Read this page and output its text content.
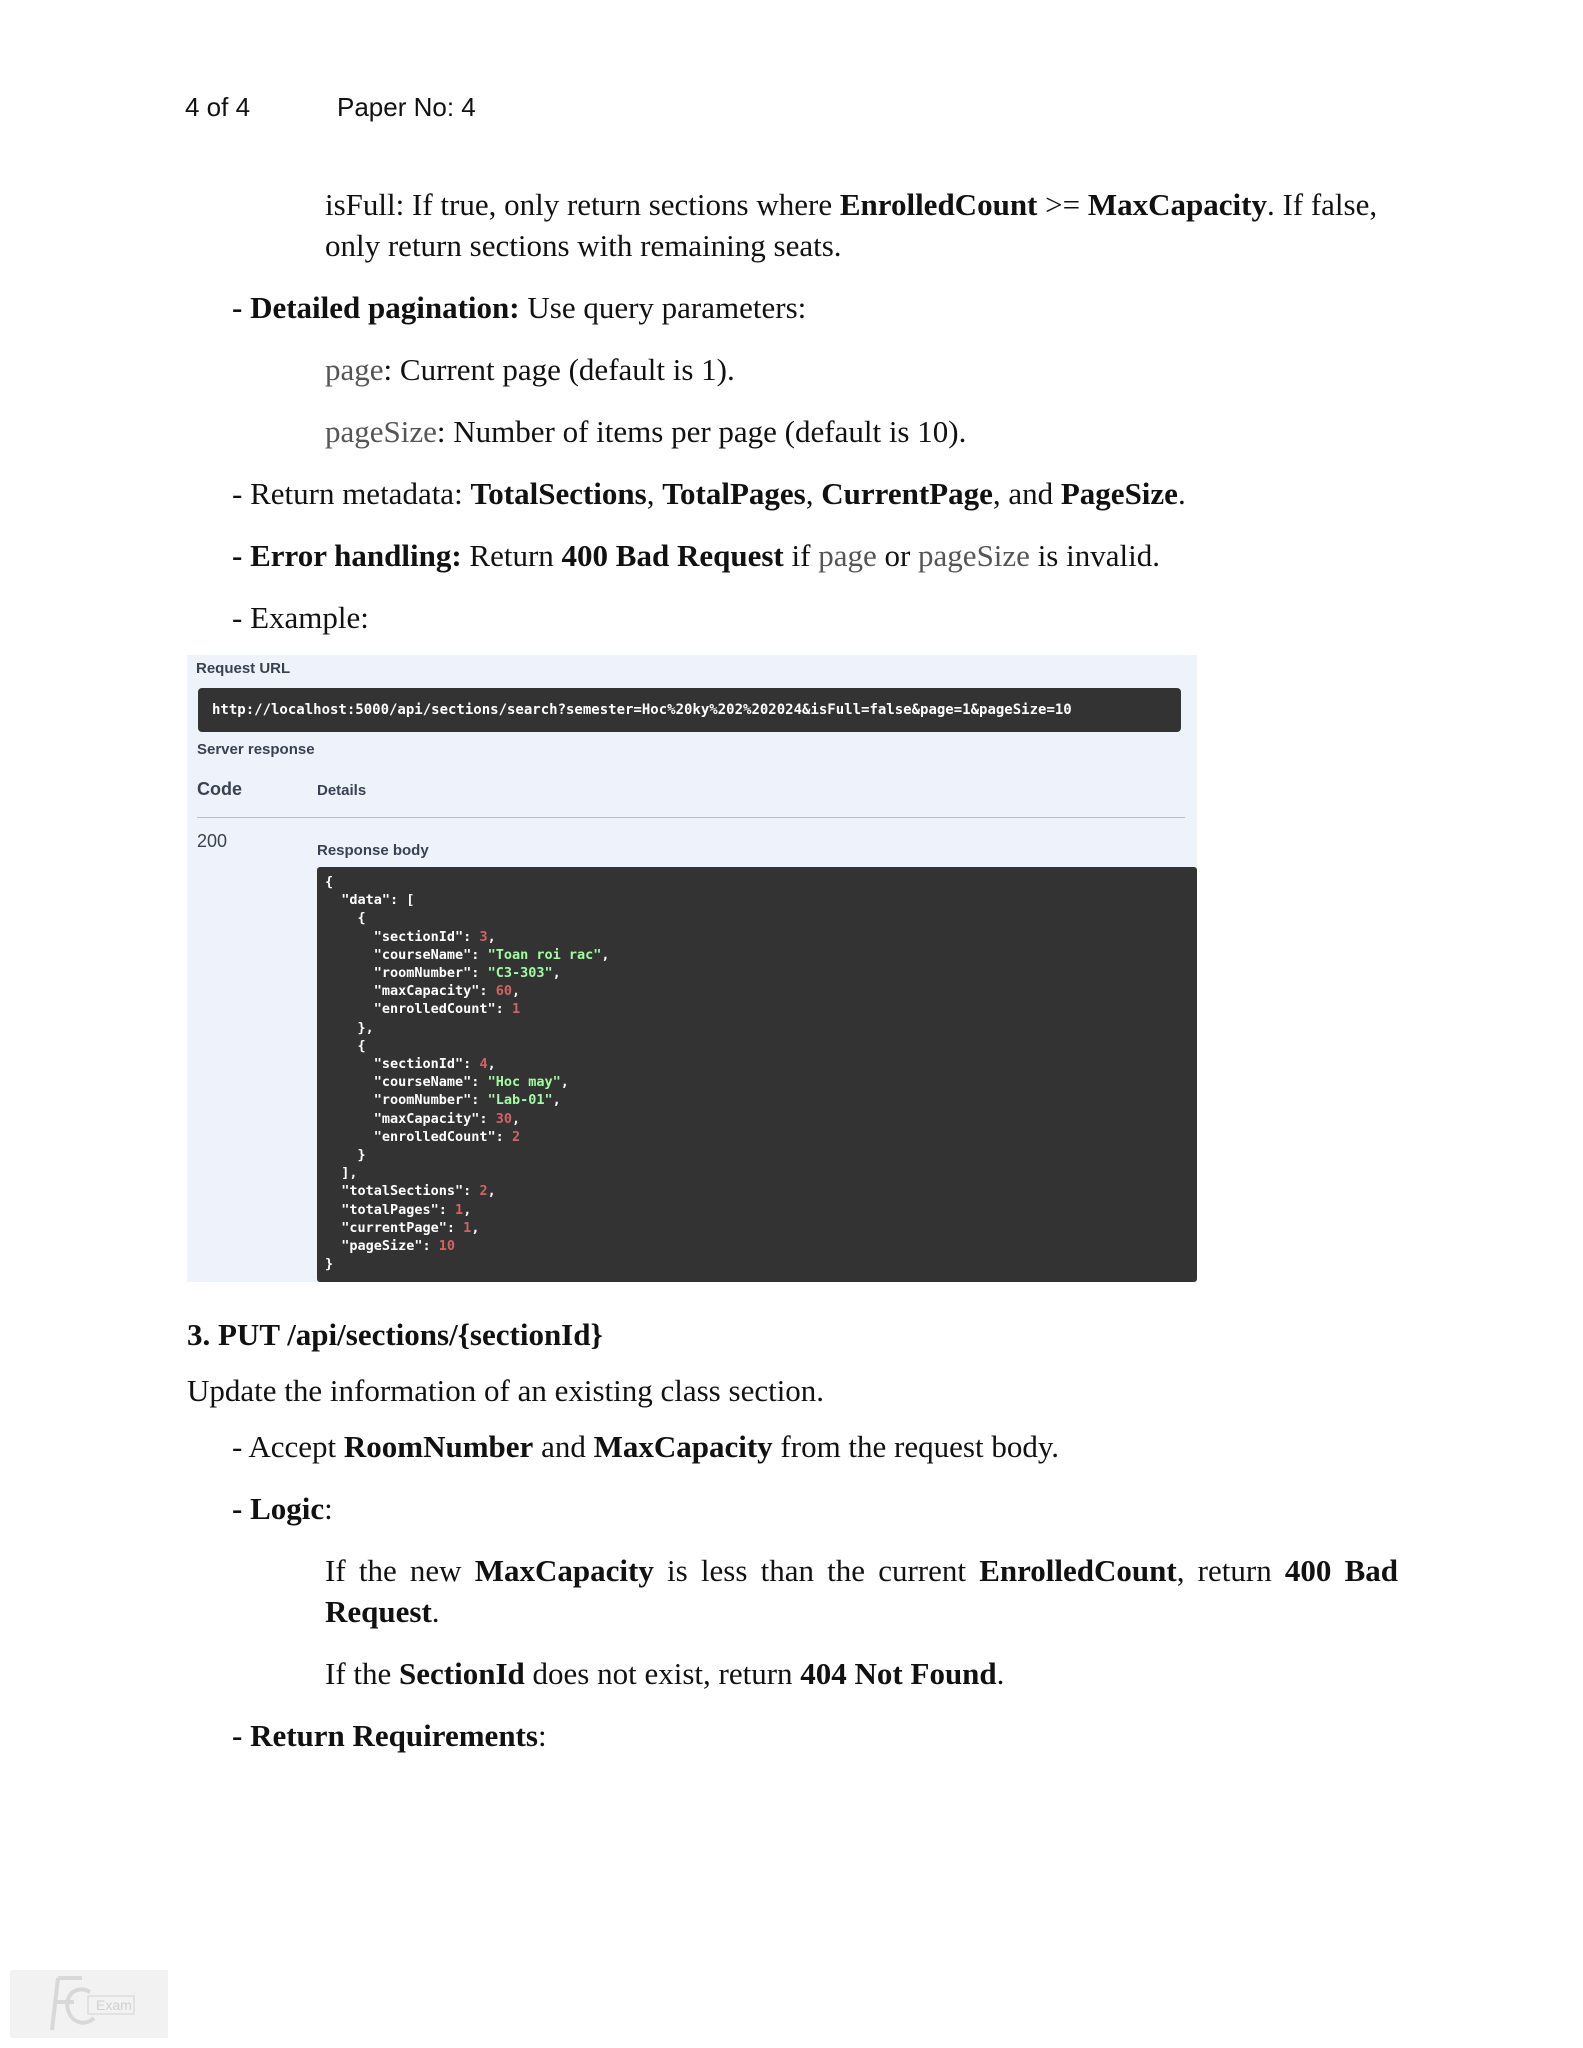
4 of 4	Paper No: 4
isFull: If true, only return sections where EnrolledCount >= MaxCapacity. If false,
only return sections with remaining seats.
- Detailed pagination: Use query parameters:
page: Current page (default is 1).
pageSize: Number of items per page (default is 10).
- Return metadata: TotalSections, TotalPages, CurrentPage, and PageSize.
- Error handling: Return 400 Bad Request if page or pageSize is invalid.
- Example:
Request URL
http://localhost:5000/api/sections/search?semester=Hoc%20ky%202%202024&isFull=false&page=1&pageSize=10
Server response
Code	Details
200	Response body
{
"data": [
{
"sectionId": 3,
"courseName": "Toan roi rac",
"roomNumber": "C3-303",
"maxCapacity": 60,
"enrolledCount": 1
},
{
"sectionId": 4,
"courseName": "Hoc may",
"roomNumber": "Lab-01",
"maxCapacity": 30,
"enrolledCount": 2
}
],
"totalSections": 2,
"totalPages": 1,
"currentPage": 1,
"pageSize": 10
}
3. PUT /api/sections/{sectionId}
Update the information of an existing class section.
- Accept RoomNumber and MaxCapacity from the request body.
- Logic:
If the new MaxCapacity is less than the current EnrolledCount, return 400 Bad Request.
If the SectionId does not exist, return 404 Not Found.
- Return Requirements:
Exam
